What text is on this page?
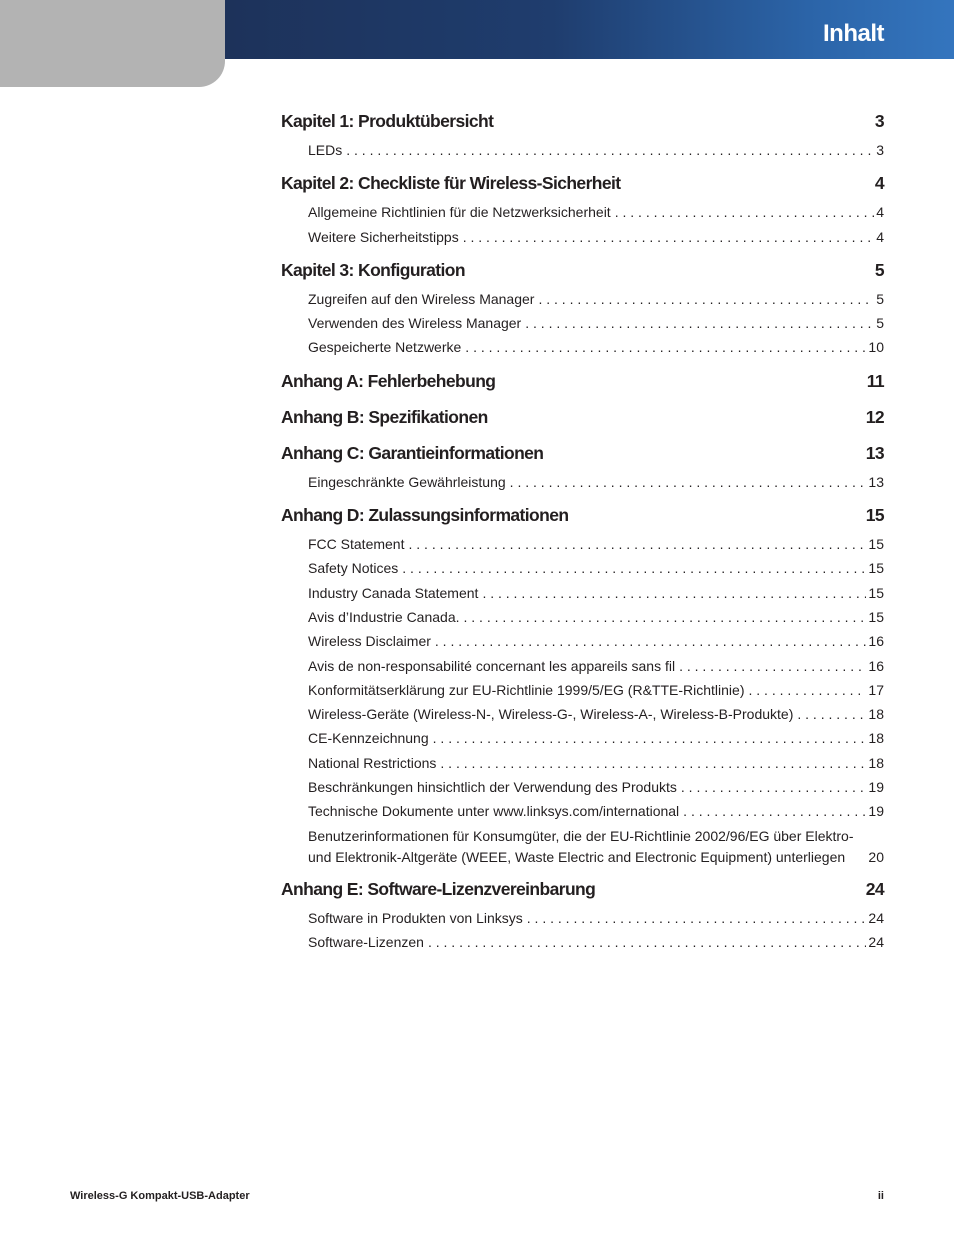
Inhalt
Kapitel 1: Produktübersicht	3
LEDs . . .	3
Kapitel 2: Checkliste für Wireless-Sicherheit	4
Allgemeine Richtlinien für die Netzwerksicherheit . . .	4
Weitere Sicherheitstipps . . .	4
Kapitel 3: Konfiguration	5
Zugreifen auf den Wireless Manager . . .	5
Verwenden des Wireless Manager . . .	5
Gespeicherte Netzwerke . . .	10
Anhang A: Fehlerbehebung	11
Anhang B: Spezifikationen	12
Anhang C: Garantieinformationen	13
Eingeschränkte Gewährleistung . . .	13
Anhang D: Zulassungsinformationen	15
FCC Statement . . .	15
Safety Notices . . .	15
Industry Canada Statement . . .	15
Avis d’Industrie Canada. . . .	15
Wireless Disclaimer . . .	16
Avis de non-responsabilité concernant les appareils sans fil . . .	16
Konformitätserklärung zur EU-Richtlinie 1999/5/EG (R&TTE-Richtlinie) . . .	17
Wireless-Geräte (Wireless-N-, Wireless-G-, Wireless-A-, Wireless-B-Produkte) . . .	18
CE-Kennzeichnung . . .	18
National Restrictions . . .	18
Beschränkungen hinsichtlich der Verwendung des Produkts . . .	19
Technische Dokumente unter www.linksys.com/international . . .	19
Benutzerinformationen für Konsumgüter, die der EU-Richtlinie 2002/96/EG über Elektro-
und Elektronik-Altgeräte (WEEE, Waste Electric and Electronic Equipment) unterliegen 20
Anhang E: Software-Lizenzvereinbarung	24
Software in Produkten von Linksys . . .	24
Software-Lizenzen . . .	24
Wireless-G Kompakt-USB-Adapter	ii
